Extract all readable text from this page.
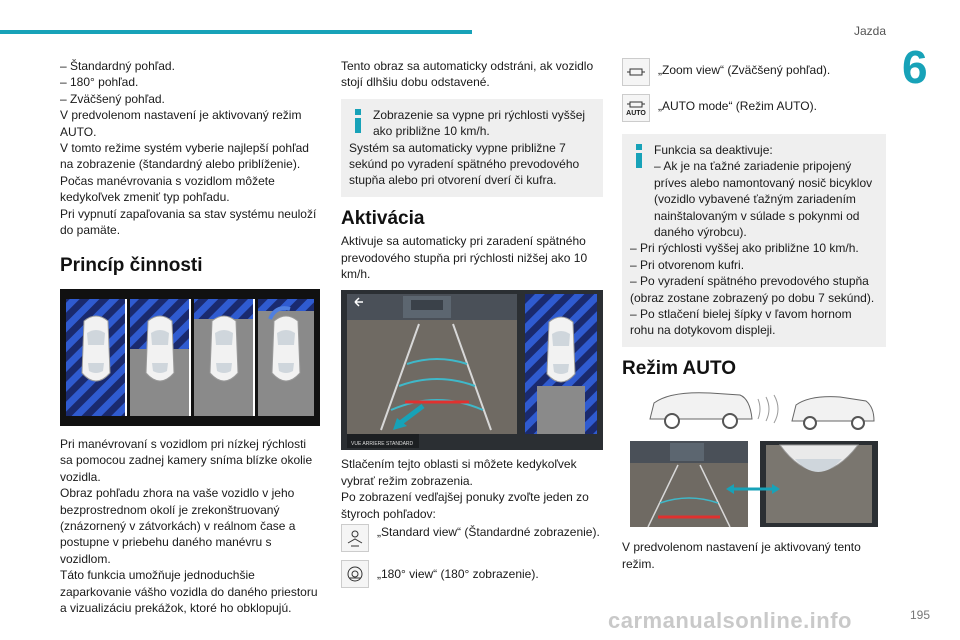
Jazda
6

– Štandardný pohľad.

– 180° pohľad.

– Zväčšený pohľad.

V predvolenom nastavení je aktivovaný režim AUTO.

V tomto režime systém vyberie najlepší pohľad na zobrazenie (štandardný alebo priblíženie).

Počas manévrovania s vozidlom môžete kedykoľvek zmeniť typ pohľadu.

Pri vypnutí zapaľovania sa stav systému neuloží do pamäte.

Princíp činnosti

Pri manévrovaní s vozidlom pri nízkej rýchlosti sa pomocou zadnej kamery sníma blízke okolie vozidla.

Obraz pohľadu zhora na vaše vozidlo v jeho bezprostrednom okolí je zrekonštruovaný (znázornený v zátvorkách) v reálnom čase a postupne v priebehu daného manévru s vozidlom.

Táto funkcia umožňuje jednoduchšie zaparkovanie vášho vozidla do daného priestoru a vizualizáciu prekážok, ktoré ho obklopujú.

Tento obraz sa automaticky odstráni, ak vozidlo stojí dlhšiu dobu odstavené.

Zobrazenie sa vypne pri rýchlosti vyššej ako približne 10 km/h.

Systém sa automaticky vypne približne 7 sekúnd po vyradení spätného prevodového stupňa alebo pri otvorení dverí či kufra.

Aktivácia

Aktivuje sa automaticky pri zaradení spätného prevodového stupňa pri rýchlosti nižšej ako 10 km/h.

VUE ARRIERE STANDARD

Stlačením tejto oblasti si môžete kedykoľvek vybrať režim zobrazenia.

Po zobrazení vedľajšej ponuky zvoľte jeden zo štyroch pohľadov:

„Standard view“ (Štandardné zobrazenie).

„180° view“ (180° zobrazenie).

„Zoom view“ (Zväčšený pohľad).

AUTO

„AUTO mode“ (Režim AUTO).

Funkcia sa deaktivuje:

– Ak je na ťažné zariadenie pripojený príves alebo namontovaný nosič bicyklov (vozidlo vybavené ťažným zariadením nainštalovaným v súlade s pokynmi od daného výrobcu).

– Pri rýchlosti vyššej ako približne 10 km/h.

– Pri otvorenom kufri.

– Po vyradení spätného prevodového stupňa (obraz zostane zobrazený po dobu 7 sekúnd).

– Po stlačení bielej šípky v ľavom hornom rohu na dotykovom displeji.

Režim AUTO

V predvolenom nastavení je aktivovaný tento režim.

carmanualsonline.info	195
